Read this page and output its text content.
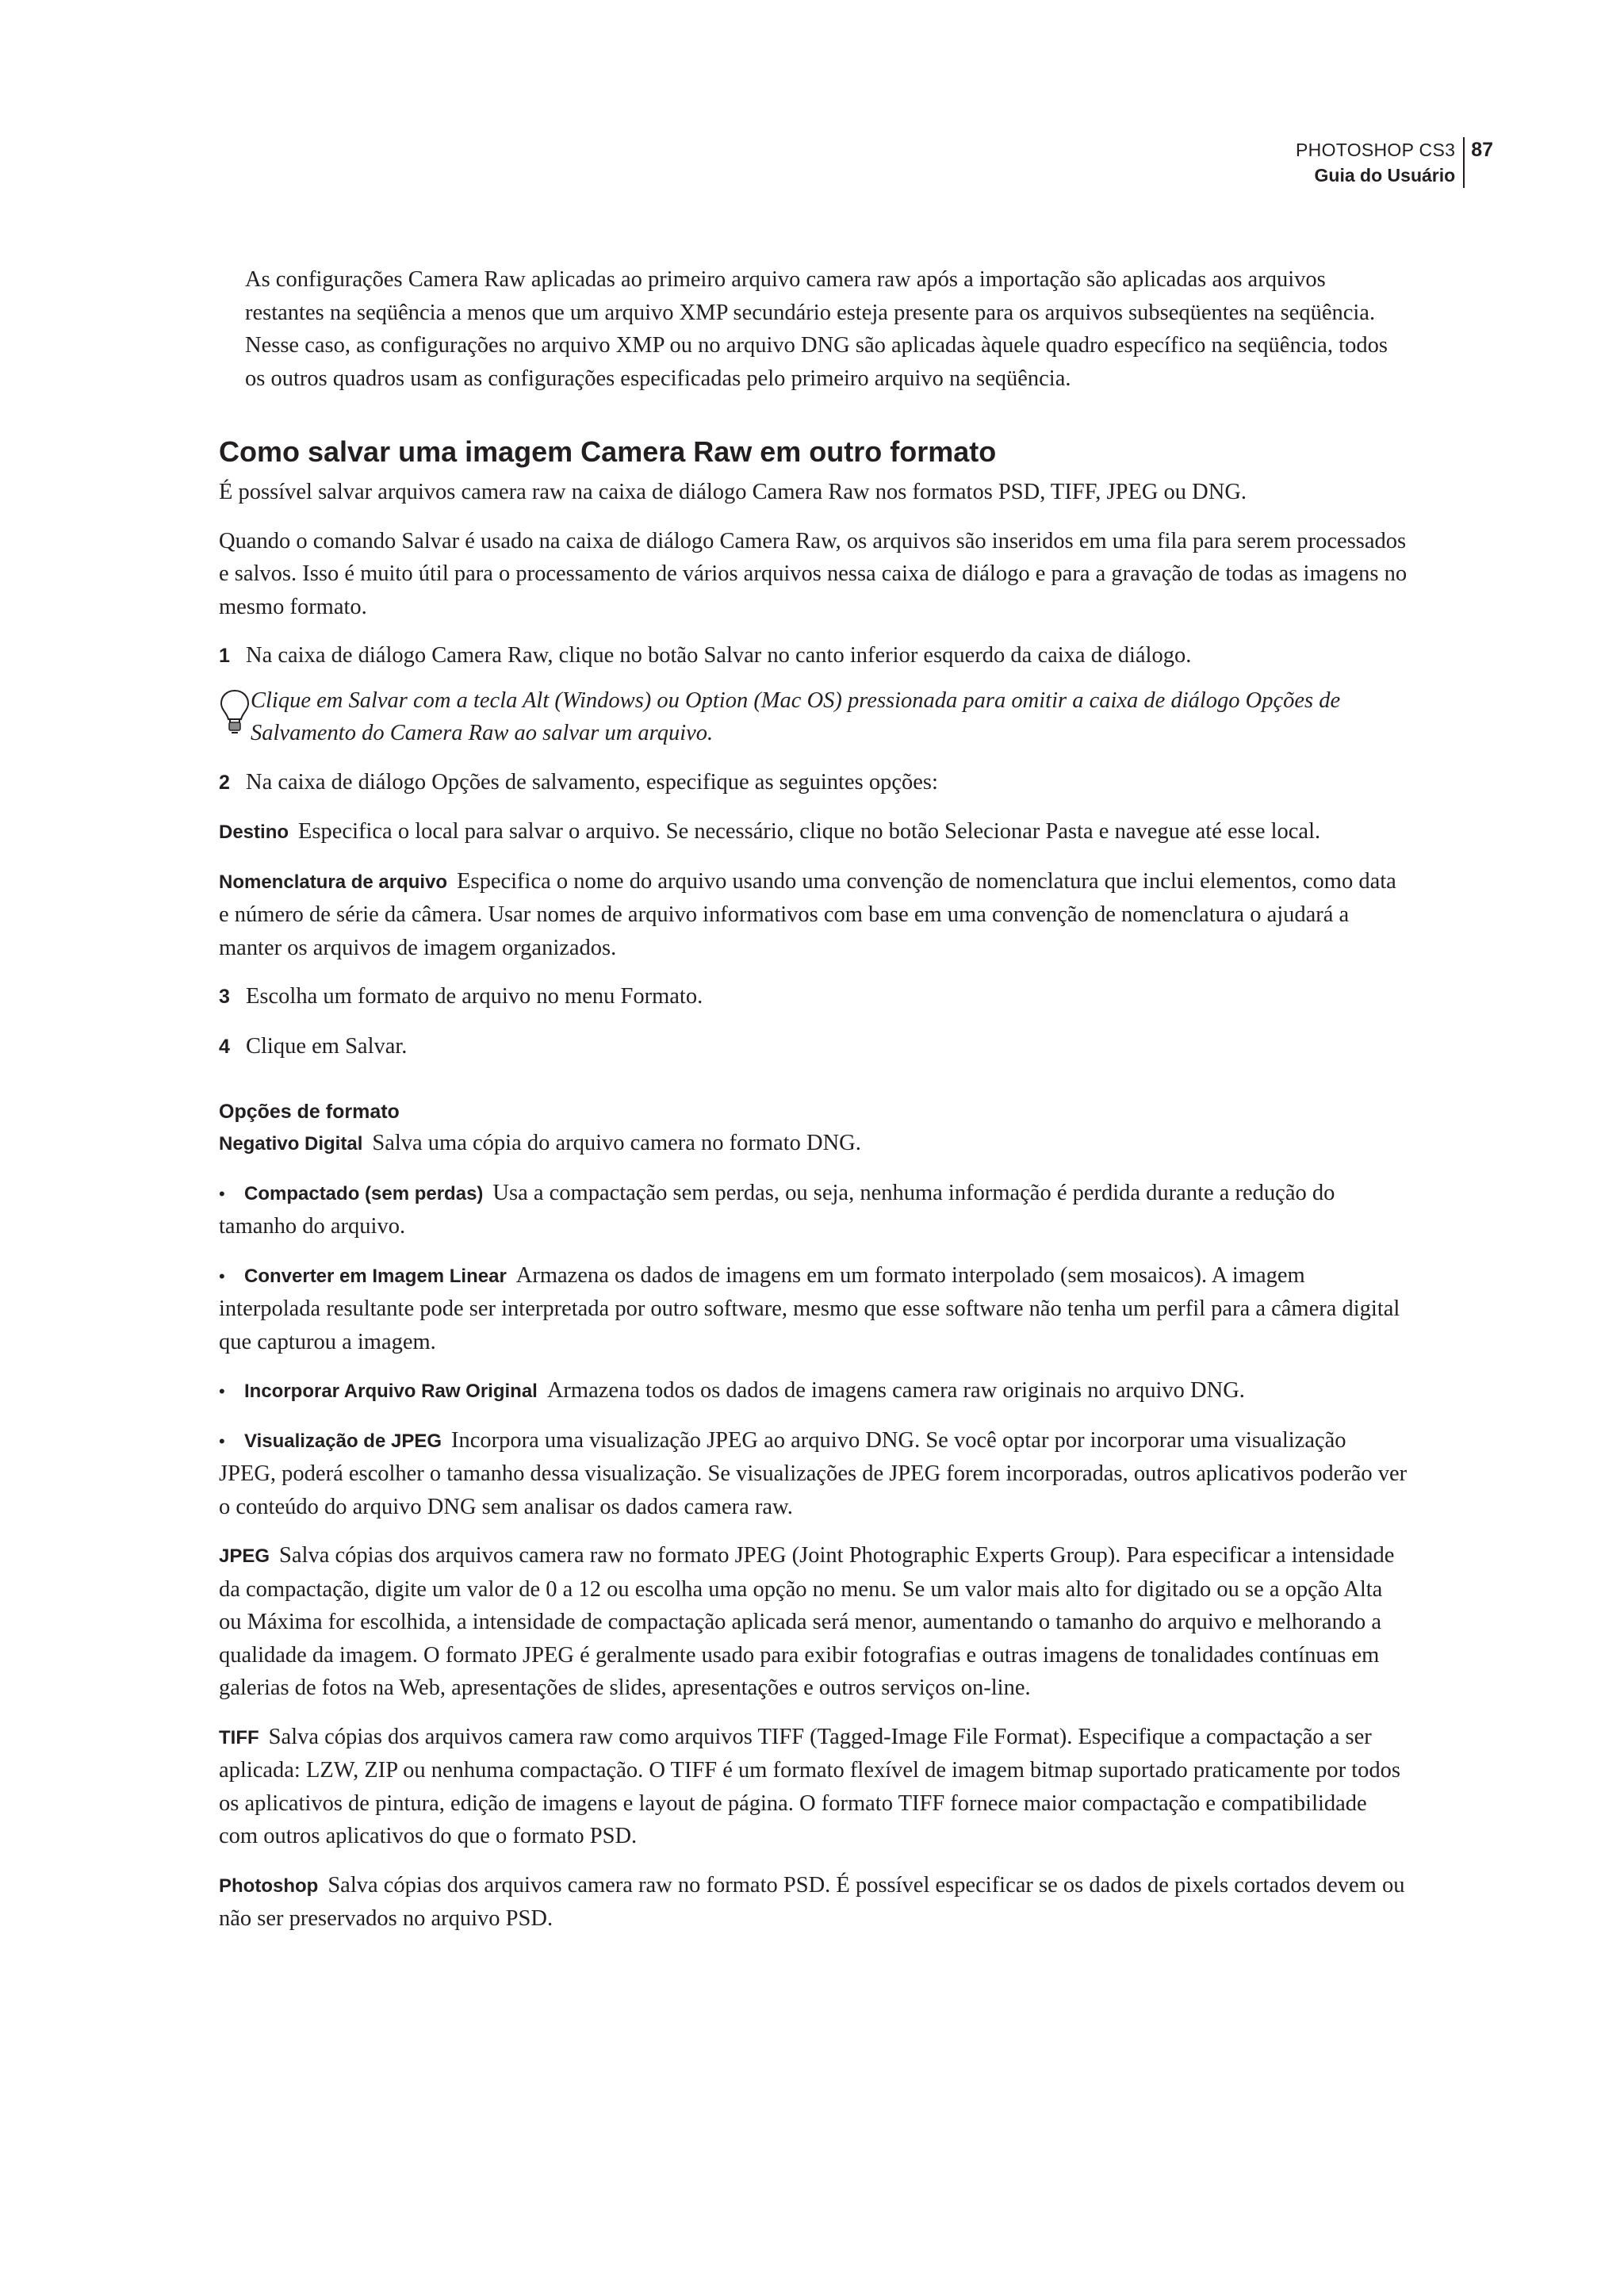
PHOTOSHOP CS3
Guia do Usuário
87

As configurações Camera Raw aplicadas ao primeiro arquivo camera raw após a importação são aplicadas aos arquivos restantes na seqüência a menos que um arquivo XMP secundário esteja presente para os arquivos subseqüentes na seqüência. Nesse caso, as configurações no arquivo XMP ou no arquivo DNG são aplicadas àquele quadro específico na seqüência, todos os outros quadros usam as configurações especificadas pelo primeiro arquivo na seqüência.

Como salvar uma imagem Camera Raw em outro formato

É possível salvar arquivos camera raw na caixa de diálogo Camera Raw nos formatos PSD, TIFF, JPEG ou DNG.

Quando o comando Salvar é usado na caixa de diálogo Camera Raw, os arquivos são inseridos em uma fila para serem processados e salvos. Isso é muito útil para o processamento de vários arquivos nessa caixa de diálogo e para a gravação de todas as imagens no mesmo formato.

1 Na caixa de diálogo Camera Raw, clique no botão Salvar no canto inferior esquerdo da caixa de diálogo.

Clique em Salvar com a tecla Alt (Windows) ou Option (Mac OS) pressionada para omitir a caixa de diálogo Opções de Salvamento do Camera Raw ao salvar um arquivo.

2 Na caixa de diálogo Opções de salvamento, especifique as seguintes opções:

Destino Especifica o local para salvar o arquivo. Se necessário, clique no botão Selecionar Pasta e navegue até esse local.

Nomenclatura de arquivo Especifica o nome do arquivo usando uma convenção de nomenclatura que inclui elementos, como data e número de série da câmera. Usar nomes de arquivo informativos com base em uma convenção de nomenclatura o ajudará a manter os arquivos de imagem organizados.

3 Escolha um formato de arquivo no menu Formato.

4 Clique em Salvar.

Opções de formato

Negativo Digital Salva uma cópia do arquivo camera no formato DNG.

• Compactado (sem perdas) Usa a compactação sem perdas, ou seja, nenhuma informação é perdida durante a redução do tamanho do arquivo.

• Converter em Imagem Linear Armazena os dados de imagens em um formato interpolado (sem mosaicos). A imagem interpolada resultante pode ser interpretada por outro software, mesmo que esse software não tenha um perfil para a câmera digital que capturou a imagem.

• Incorporar Arquivo Raw Original Armazena todos os dados de imagens camera raw originais no arquivo DNG.

• Visualização de JPEG Incorpora uma visualização JPEG ao arquivo DNG. Se você optar por incorporar uma visualização JPEG, poderá escolher o tamanho dessa visualização. Se visualizações de JPEG forem incorporadas, outros aplicativos poderão ver o conteúdo do arquivo DNG sem analisar os dados camera raw.

JPEG Salva cópias dos arquivos camera raw no formato JPEG (Joint Photographic Experts Group). Para especificar a intensidade da compactação, digite um valor de 0 a 12 ou escolha uma opção no menu. Se um valor mais alto for digitado ou se a opção Alta ou Máxima for escolhida, a intensidade de compactação aplicada será menor, aumentando o tamanho do arquivo e melhorando a qualidade da imagem. O formato JPEG é geralmente usado para exibir fotografias e outras imagens de tonalidades contínuas em galerias de fotos na Web, apresentações de slides, apresentações e outros serviços on-line.

TIFF Salva cópias dos arquivos camera raw como arquivos TIFF (Tagged-Image File Format). Especifique a compactação a ser aplicada: LZW, ZIP ou nenhuma compactação. O TIFF é um formato flexível de imagem bitmap suportado praticamente por todos os aplicativos de pintura, edição de imagens e layout de página. O formato TIFF fornece maior compactação e compatibilidade com outros aplicativos do que o formato PSD.

Photoshop Salva cópias dos arquivos camera raw no formato PSD. É possível especificar se os dados de pixels cortados devem ou não ser preservados no arquivo PSD.
